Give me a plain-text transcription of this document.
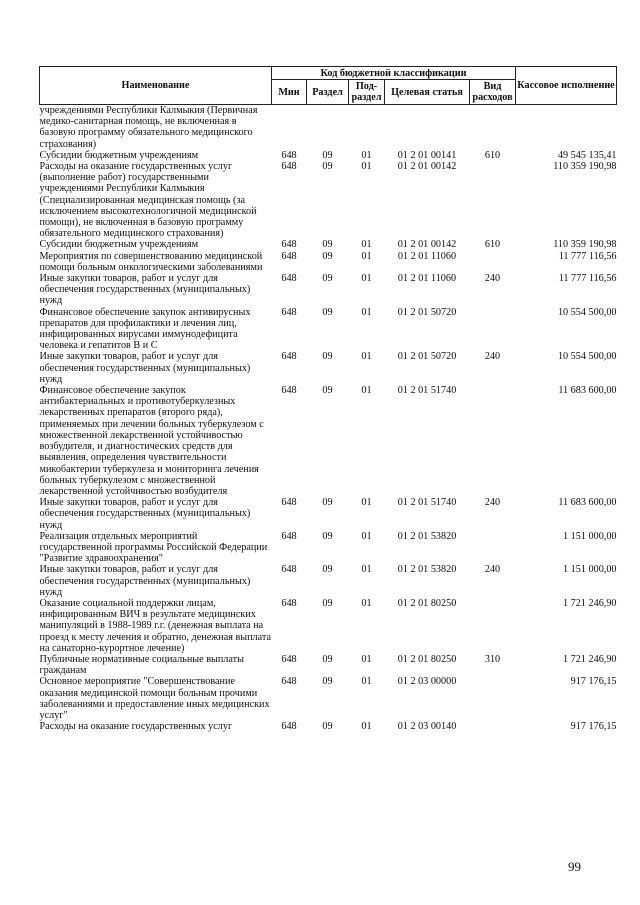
Наименование	Код бюджетной классификации					Кассовое исполнение
	Мин	Раздел	Под-раздел	Целевая статья	Вид расходов	
учреждениями Республики Калмыкия (Первичная медико-санитарная помощь, не включенная в базовую программу обязательного медицинского страхования)						
Субсидии бюджетным учреждениям	648	09	01	01 2 01 00141	610	49 545 135,41
Расходы на оказание государственных услуг (выполнение работ) государственными учреждениями Республики Калмыкия (Специализированная медицинская помощь (за исключением высокотехнологичной медицинской помощи), не включенная в базовую программу обязательного медицинского страхования)	648	09	01	01 2 01 00142		110 359 190,98
Субсидии бюджетным учреждениям	648	09	01	01 2 01 00142	610	110 359 190,98
Мероприятия по совершенствованию медицинской помощи больным онкологическими заболеваниями	648	09	01	01 2 01 11060		11 777 116,56
Иные закупки товаров, работ и услуг для обеспечения государственных (муниципальных) нужд	648	09	01	01 2 01 11060	240	11 777 116,56
Финансовое обеспечение закупок антивирусных препаратов для профилактики и лечения лиц, инфицированных вирусами иммунодефицита человека и гепатитов B и C	648	09	01	01 2 01 50720		10 554 500,00
Иные закупки товаров, работ и услуг для обеспечения государственных (муниципальных) нужд	648	09	01	01 2 01 50720	240	10 554 500,00
Финансовое обеспечение закупок антибактериальных и противотуберкулезных лекарственных препаратов (второго ряда), применяемых при лечении больных туберкулезом с множественной лекарственной устойчивостью возбудителя, и диагностических средств для выявления, определения чувствительности микобактерии туберкулеза и мониторинга лечения больных туберкулезом с множественной лекарственной устойчивостью возбудителя	648	09	01	01 2 01 51740		11 683 600,00
Иные закупки товаров, работ и услуг для обеспечения государственных (муниципальных) нужд	648	09	01	01 2 01 51740	240	11 683 600,00
Реализация отдельных мероприятий государственной программы Российской Федерации "Развитие здравоохранения"	648	09	01	01 2 01 53820		1 151 000,00
Иные закупки товаров, работ и услуг для обеспечения государственных (муниципальных) нужд	648	09	01	01 2 01 53820	240	1 151 000,00
Оказание социальной поддержки лицам, инфицированным ВИЧ в результате медицинских манипуляций в 1988-1989 г.г. (денежная выплата на проезд к месту лечения и обратно, денежная выплата на санаторно-курортное лечение)	648	09	01	01 2 01 80250		1 721 246,90
Публичные нормативные социальные выплаты гражданам	648	09	01	01 2 01 80250	310	1 721 246,90
Основное мероприятие "Совершенствование оказания медицинской помощи больным прочими заболеваниями и предоставление иных медицинских услуг"	648	09	01	01 2 03 00000		917 176,15
Расходы на оказание государственных услуг	648	09	01	01 2 03 00140		917 176,15
99
